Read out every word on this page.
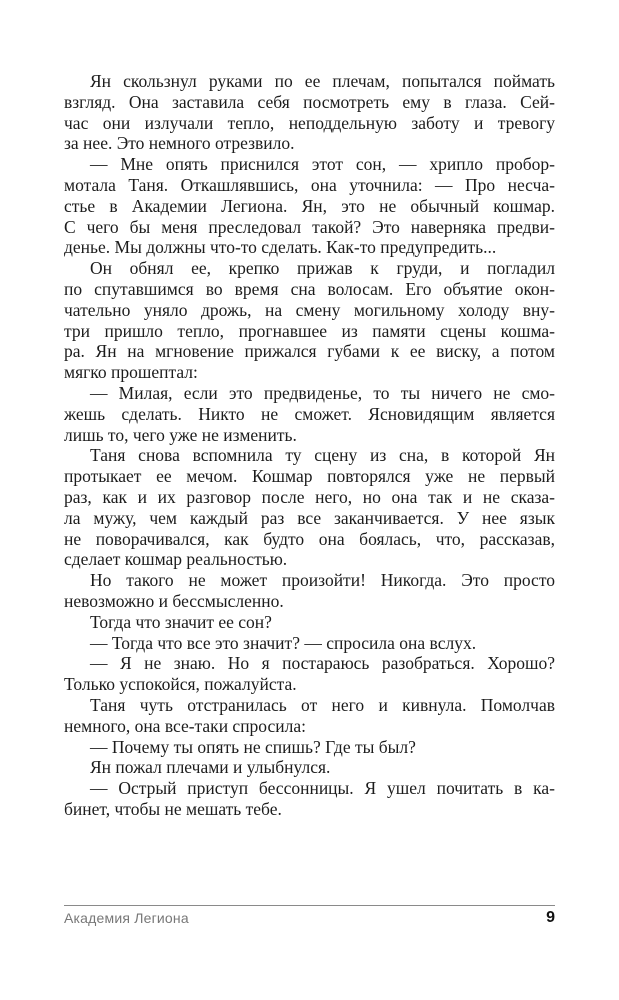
Ян скользнул руками по ее плечам, попытался поймать
взгляд. Она заставила себя посмотреть ему в глаза. Сей-
час они излучали тепло, неподдельную заботу и тревогу
за нее. Это немного отрезвило.

— Мне опять приснился этот сон, — хрипло пробор-
мотала Таня. Откашлявшись, она уточнила: — Про несча-
стье в Академии Легиона. Ян, это не обычный кошмар.
С чего бы меня преследовал такой? Это наверняка предви-
денье. Мы должны что-то сделать. Как-то предупредить...

Он обнял ее, крепко прижав к груди, и погладил
по спутавшимся во время сна волосам. Его объятие окон-
чательно уняло дрожь, на смену могильному холоду вну-
три пришло тепло, прогнавшее из памяти сцены кошма-
ра. Ян на мгновение прижался губами к ее виску, а потом
мягко прошептал:

— Милая, если это предвиденье, то ты ничего не смо-
жешь сделать. Никто не сможет. Ясновидящим является
лишь то, чего уже не изменить.

Таня снова вспомнила ту сцену из сна, в которой Ян
протыкает ее мечом. Кошмар повторялся уже не первый
раз, как и их разговор после него, но она так и не сказа-
ла мужу, чем каждый раз все заканчивается. У нее язык
не поворачивался, как будто она боялась, что, рассказав,
сделает кошмар реальностью.

Но такого не может произойти! Никогда. Это просто
невозможно и бессмысленно.

Тогда что значит ее сон?

— Тогда что все это значит? — спросила она вслух.

— Я не знаю. Но я постараюсь разобраться. Хорошо?
Только успокойся, пожалуйста.

Таня чуть отстранилась от него и кивнула. Помолчав
немного, она все-таки спросила:

— Почему ты опять не спишь? Где ты был?

Ян пожал плечами и улыбнулся.

— Острый приступ бессонницы. Я ушел почитать в ка-
бинет, чтобы не мешать тебе.

Академия Легиона	9
